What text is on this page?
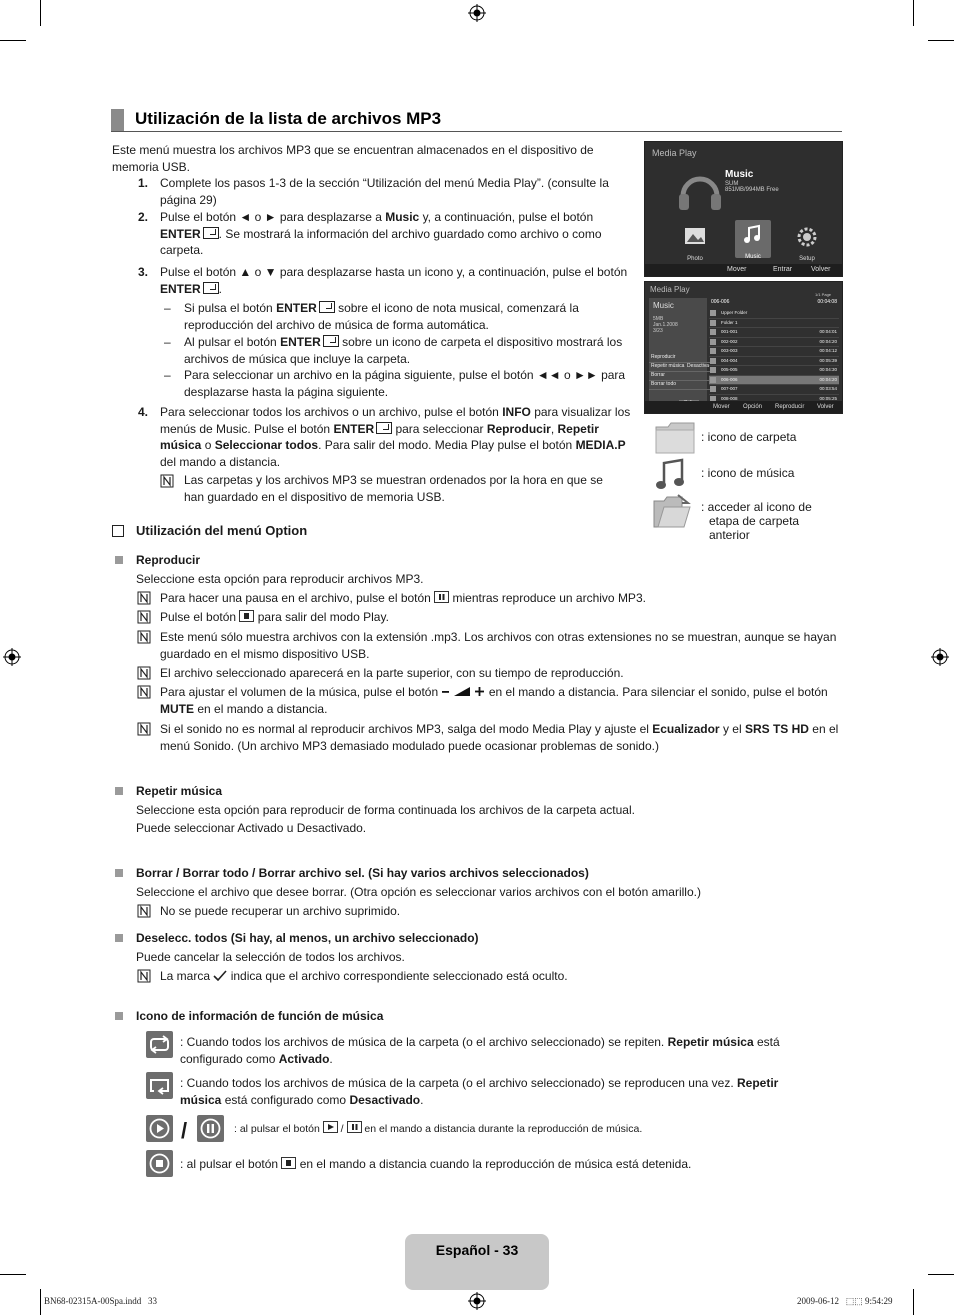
Utilización de la lista de archivos MP3
Este menú muestra los archivos MP3 que se encuentran almacenados en el dispositivo de memoria USB.
1. Complete los pasos 1-3 de la sección “Utilización del menú Media Play”. (consulte la página 29)
2. Pulse el botón ◄ o ► para desplazarse a Music y, a continuación, pulse el botón ENTER . Se mostrará la información del archivo guardado como archivo o como carpeta.
3. Pulse el botón ▲ o ▼ para desplazarse hasta un icono y, a continuación, pulse el botón ENTER .
– Si pulsa el botón ENTER sobre el icono de nota musical, comenzará la reproducción del archivo de música de forma automática.
– Al pulsar el botón ENTER sobre un icono de carpeta el dispositivo mostrará los archivos de música que incluye la carpeta.
– Para seleccionar un archivo en la página siguiente, pulse el botón ◄◄ o ►► para desplazarse hasta la página siguiente.
4. Para seleccionar todos los archivos o un archivo, pulse el botón INFO para visualizar los menús de Music. Pulse el botón ENTER para seleccionar Reproducir, Repetir música o Seleccionar todos. Para salir del modo. Media Play pulse el botón MEDIA.P del mando a distancia.
Las carpetas y los archivos MP3 se muestran ordenados por la hora en que se han guardado en el dispositivo de memoria USB.
Media Play
Music
SUM
851MB/994MB Free
Photo	Music	Setup
Mover	Entrar	Volver
Media Play
Music
5MB
Jan.1.2008
3/23
Reproducir
Repetir música Desactiva
Borrar
Borrar todo
1/1 Page
006-006	00:04:08
Upper Folder
Folder 1
001-001	00:04:01
002-002	00:04:20
003-003	00:04:12
004-004	00:05:39
005-005	00:04:30
006-006	00:04:20
007-007	00:03:54
008-008	00:05:25
Mover Opción Reproducir Volver
: icono de carpeta
: icono de música
: acceder al icono de
etapa de carpeta
anterior
Utilización del menú Option
Reproducir
Seleccione esta opción para reproducir archivos MP3.
Para hacer una pausa en el archivo, pulse el botón
mientras reproduce un archivo MP3.
Pulse el botón
para salir del modo Play.
Este menú sólo muestra archivos con la extensión .mp3. Los archivos con otras extensiones no se muestran, aunque se hayan guardado en el mismo dispositivo USB.
El archivo seleccionado aparecerá en la parte superior, con su tiempo de reproducción.
Para ajustar el volumen de la música, pulse el botón	en el mando a distancia. Para silenciar el sonido, pulse el botón MUTE en el mando a distancia.
Si el sonido no es normal al reproducir archivos MP3, salga del modo Media Play y ajuste el Ecualizador y el SRS TS HD en el menú Sonido. (Un archivo MP3 demasiado modulado puede ocasionar problemas de sonido.)
Repetir música
Seleccione esta opción para reproducir de forma continuada los archivos de la carpeta actual.
Puede seleccionar Activado u Desactivado.
Borrar / Borrar todo / Borrar archivo sel. (Si hay varios archivos seleccionados)
Seleccione el archivo que desee borrar. (Otra opción es seleccionar varios archivos con el botón amarillo.)
No se puede recuperar un archivo suprimido.
Deselecc. todos (Si hay, al menos, un archivo seleccionado)
Puede cancelar la selección de todos los archivos.
La marca  indica que el archivo correspondiente seleccionado está oculto.
Icono de información de función de música
: Cuando todos los archivos de música de la carpeta (o el archivo seleccionado) se repiten. Repetir música está configurado como Activado.
: Cuando todos los archivos de música de la carpeta (o el archivo seleccionado) se reproducen una vez. Repetir música está configurado como Desactivado.
/	: al pulsar el botón
/
en el mando a distancia durante la reproducción de música.
: al pulsar el botón
en el mando a distancia cuando la reproducción de música está detenida.
Español - 33
BN68-02315A-00Spa.indd   33	2009-06-12   ⬚⬚ 9:54:29
